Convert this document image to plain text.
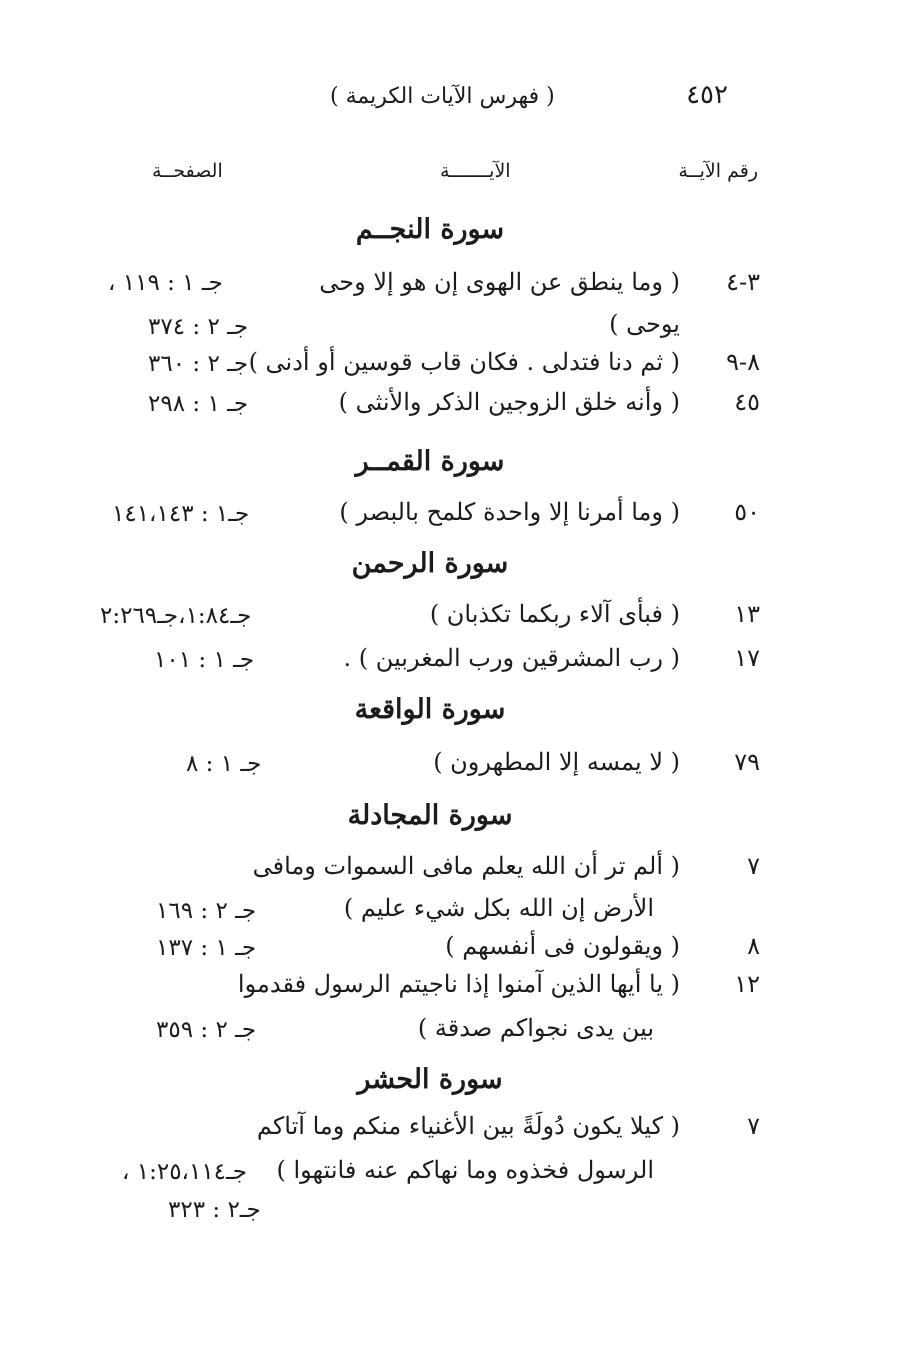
٤٥٢
( فهرس الآيات الكريمة )
رقم الآيــة
الآيـــــــة
الصفحــة
سورة النجــم
٣-٤
( وما ينطق عن الهوى إن هو إلا وحى
جـ ١ : ١١٩ ،
يوحى )
جـ ٢ : ٣٧٤
٨-٩
( ثم دنا فتدلى . فكان قاب قوسين أو أدنى )
جـ ٢ : ٣٦٠
٤٥
( وأنه خلق الزوجين الذكر والأنثى )
جـ ١ : ٢٩٨
سورة القمــر
٥٠
( وما أمرنا إلا واحدة كلمح بالبصر )
جـ١ : ١٤١،١٤٣
سورة الرحمن
١٣
( فبأى آلاء ربكما تكذبان )
جـ١:٨٤،جـ٢:٢٦٩
١٧
( رب المشرقين ورب المغربين ) .
جـ ١ : ١٠١
سورة الواقعة
٧٩
( لا يمسه إلا المطهرون )
جـ ١ : ٨
سورة المجادلة
٧
( ألم تر أن الله يعلم مافى السموات ومافى
الأرض إن الله بكل شيء عليم )
جـ ٢ : ١٦٩
٨
( ويقولون فى أنفسهم )
جـ ١ : ١٣٧
١٢
( يا أيها الذين آمنوا إذا ناجيتم الرسول فقدموا
بين يدى نجواكم صدقة )
جـ ٢ : ٣٥٩
سورة الحشر
٧
( كيلا يكون دُولَةً بين الأغنياء منكم وما آتاكم
الرسول فخذوه وما نهاكم عنه فانتهوا )
جـ١:٢٥،١١٤ ،
جـ٢ : ٣٢٣
